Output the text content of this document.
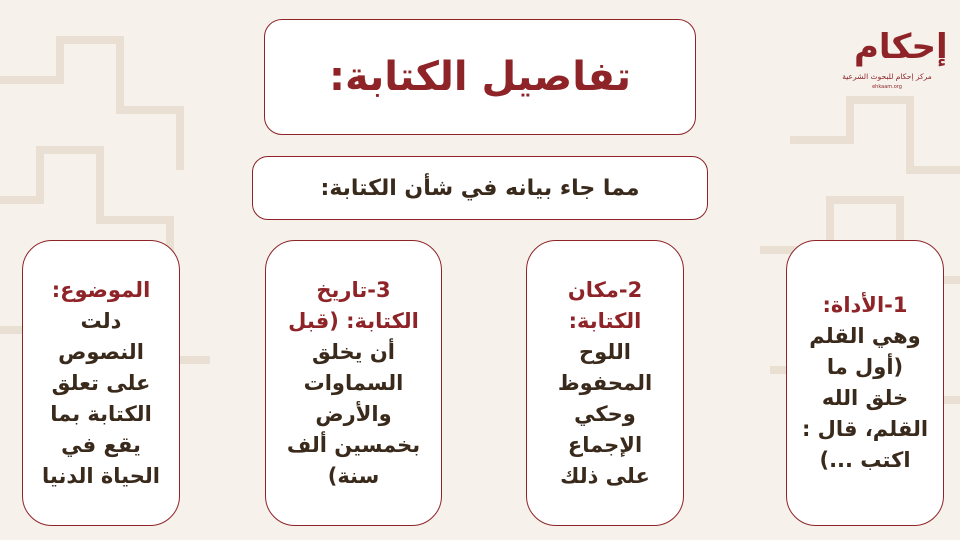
إحكام
مركز إحكام للبحوث الشرعية
ehkaam.org
تفاصيل الكتابة:
مما جاء بيانه في شأن الكتابة:
1-الأداة:
وهي القلم
(أول ما
خلق الله
القلم، قال :
اكتب ...)
2-مكان
الكتابة:
اللوح
المحفوظ
وحكي
الإجماع
على ذلك
3-تاريخ
الكتابة: (قبل
أن يخلق
السماوات
والأرض
بخمسين ألف
سنة)
الموضوع:
دلت
النصوص
على تعلق
الكتابة بما
يقع في
الحياة الدنيا
